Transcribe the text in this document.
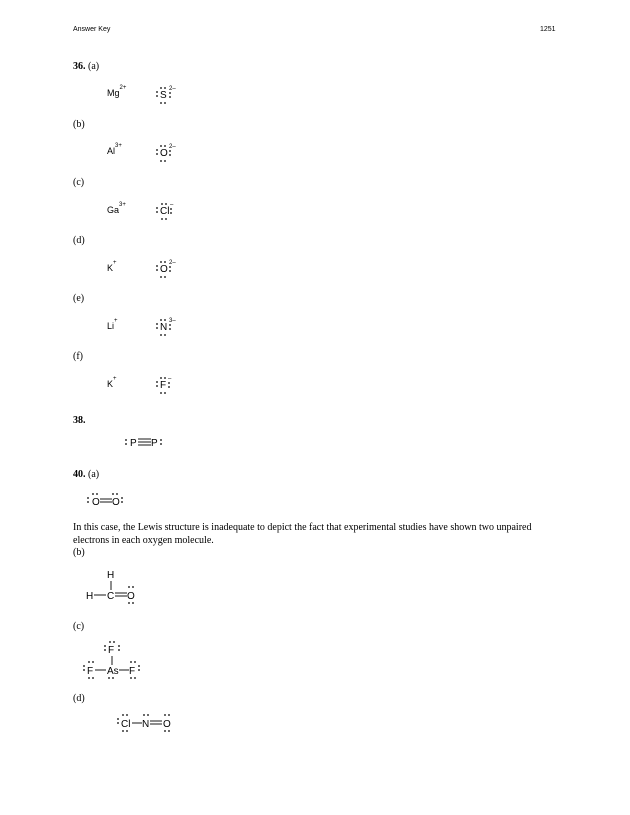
Answer Key	1251
36. (a)
(b)
(c)
(d)
(e)
(f)
$Mg^{2+}$
$Al^{3+}$
$Ga^{3+}$
K+
Li+
K+
S
2–
O
2–
Cl
–
O
2–
N
3–
F
–
38.
P P
40. (a)
O O
In this case, the Lewis structure is inadequate to depict the fact that experimental studies have shown two unpaired electrons in each oxygen molecule.
(b)
H
H C O
(c)
F
F As F
(d)
Cl N O
